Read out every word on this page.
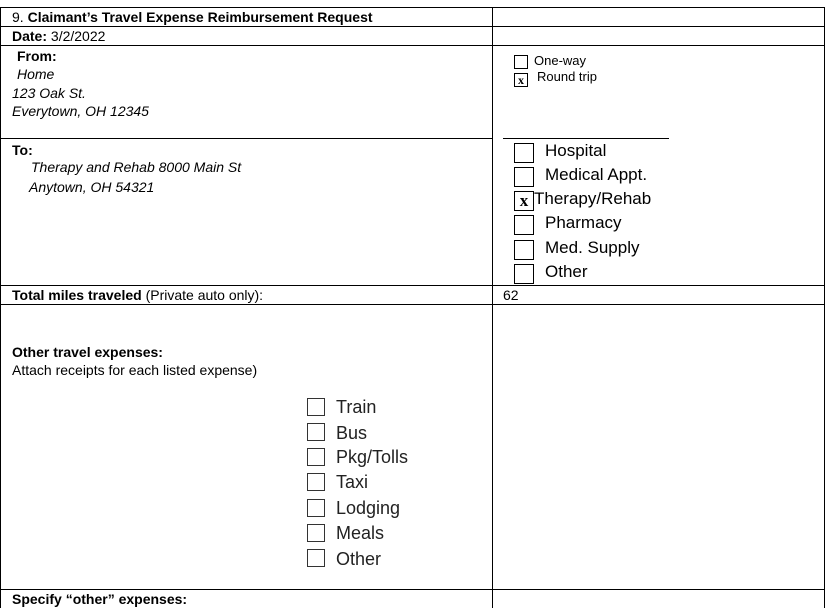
9. Claimant’s Travel Expense Reimbursement Request
Date: 3/2/2022
From:
Home
123 Oak St.
Everytown, OH 12345
One-way
x Round trip
To:
Therapy and Rehab 8000 Main St
Anytown, OH 54321
Hospital
Medical Appt.
x Therapy/Rehab
Pharmacy
Med. Supply
Other
Total miles traveled (Private auto only):	62
Other travel expenses:
Attach receipts for each listed expense)
Train
Bus
Pkg/Tolls
Taxi
Lodging
Meals
Other
Specify “other” expenses:
